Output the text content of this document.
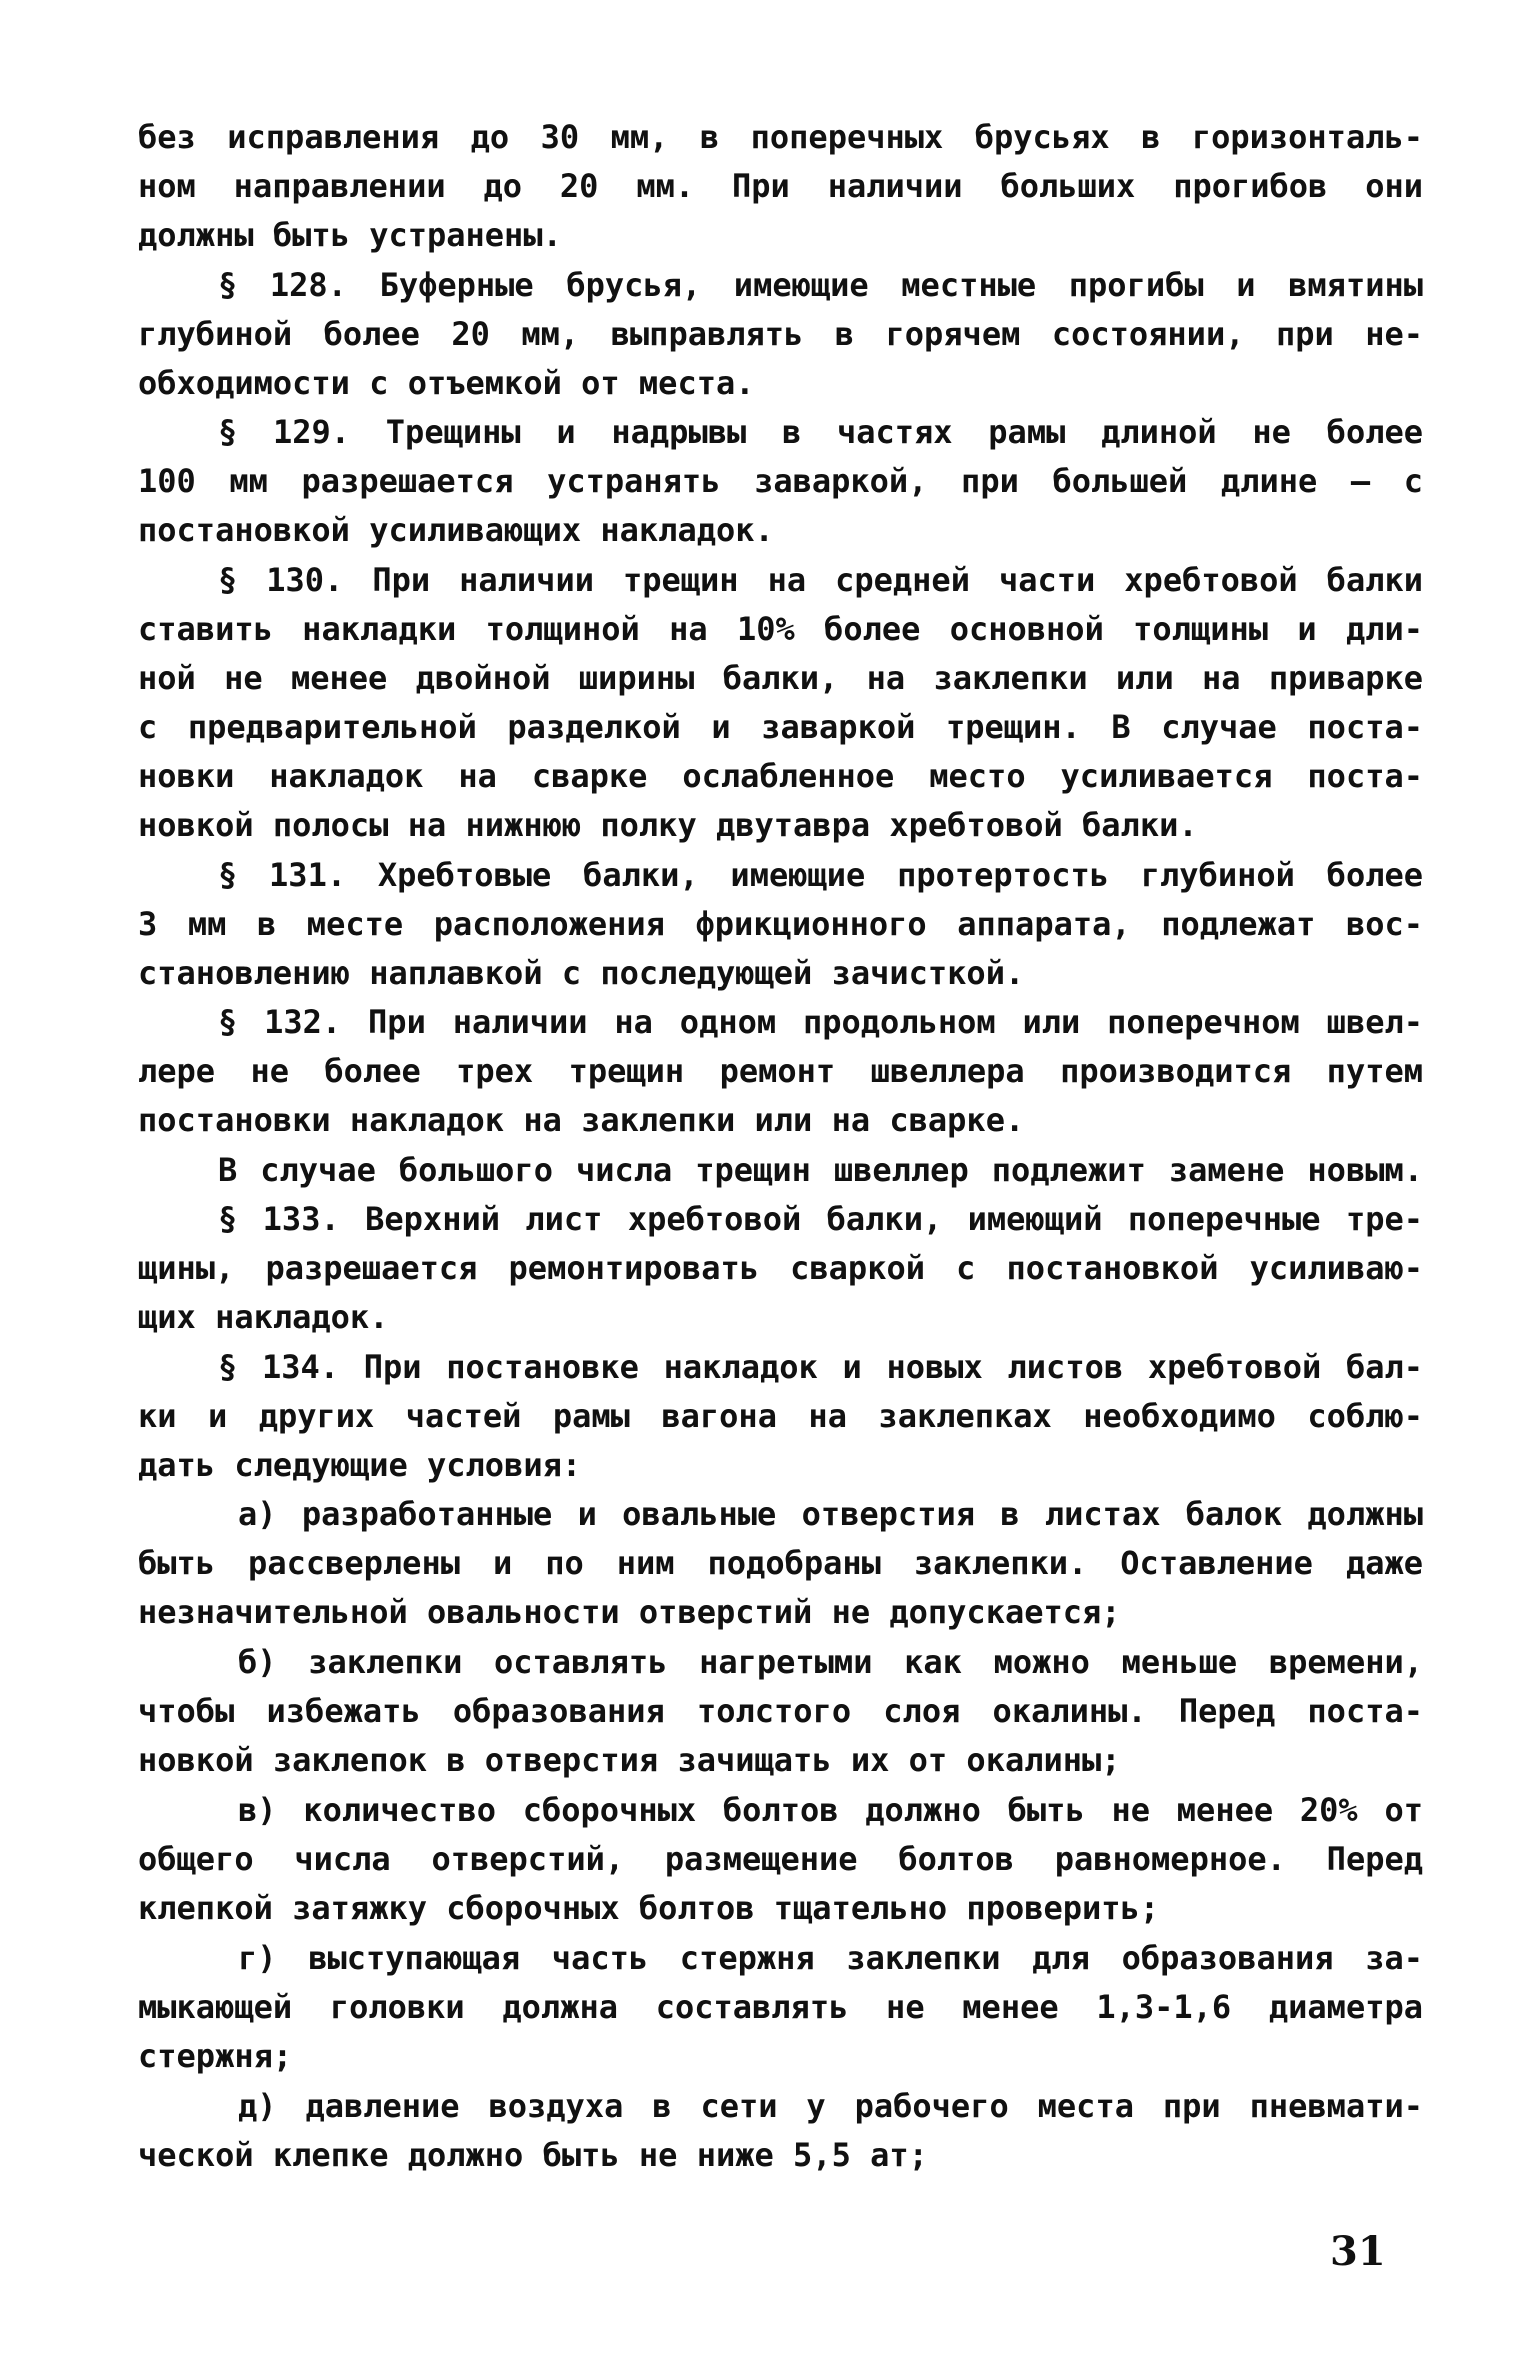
без исправления до 30 мм, в поперечных брусьях в горизонталь-
ном направлении до 20 мм. При наличии больших прогибов они
должны быть устранены.
§ 128. Буферные брусья, имеющие местные прогибы и вмятины
глубиной более 20 мм, выправлять в горячем состоянии, при не-
обходимости с отъемкой от места.
§ 129. Трещины и надрывы в частях рамы длиной не более
100 мм разрешается устранять заваркой, при большей длине – с
постановкой усиливающих накладок.
§ 130. При наличии трещин на средней части хребтовой балки
ставить накладки толщиной на 10% более основной толщины и дли-
ной не менее двойной ширины балки, на заклепки или на приварке
с предварительной разделкой и заваркой трещин. В случае поста-
новки накладок на сварке ослабленное место усиливается поста-
новкой полосы на нижнюю полку двутавра хребтовой балки.
§ 131. Хребтовые балки, имеющие протертость глубиной более
3 мм в месте расположения фрикционного аппарата, подлежат вос-
становлению наплавкой с последующей зачисткой.
§ 132. При наличии на одном продольном или поперечном швел-
лере не более трех трещин ремонт швеллера производится путем
постановки накладок на заклепки или на сварке.
В случае большого числа трещин швеллер подлежит замене новым.
§ 133. Верхний лист хребтовой балки, имеющий поперечные тре-
щины, разрешается ремонтировать сваркой с постановкой усиливаю-
щих накладок.
§ 134. При постановке накладок и новых листов хребтовой бал-
ки и других частей рамы вагона на заклепках необходимо соблю-
дать следующие условия:
а) разработанные и овальные отверстия в листах балок должны
быть рассверлены и по ним подобраны заклепки. Оставление даже
незначительной овальности отверстий не допускается;
б) заклепки оставлять нагретыми как можно меньше времени,
чтобы избежать образования толстого слоя окалины. Перед поста-
новкой заклепок в отверстия зачищать их от окалины;
в) количество сборочных болтов должно быть не менее 20% от
общего числа отверстий, размещение болтов равномерное. Перед
клепкой затяжку сборочных болтов тщательно проверить;
г) выступающая часть стержня заклепки для образования за-
мыкающей головки должна составлять не менее 1,3-1,6 диаметра
стержня;
д) давление воздуха в сети у рабочего места при пневмати-
ческой клепке должно быть не ниже 5,5 ат;
31
